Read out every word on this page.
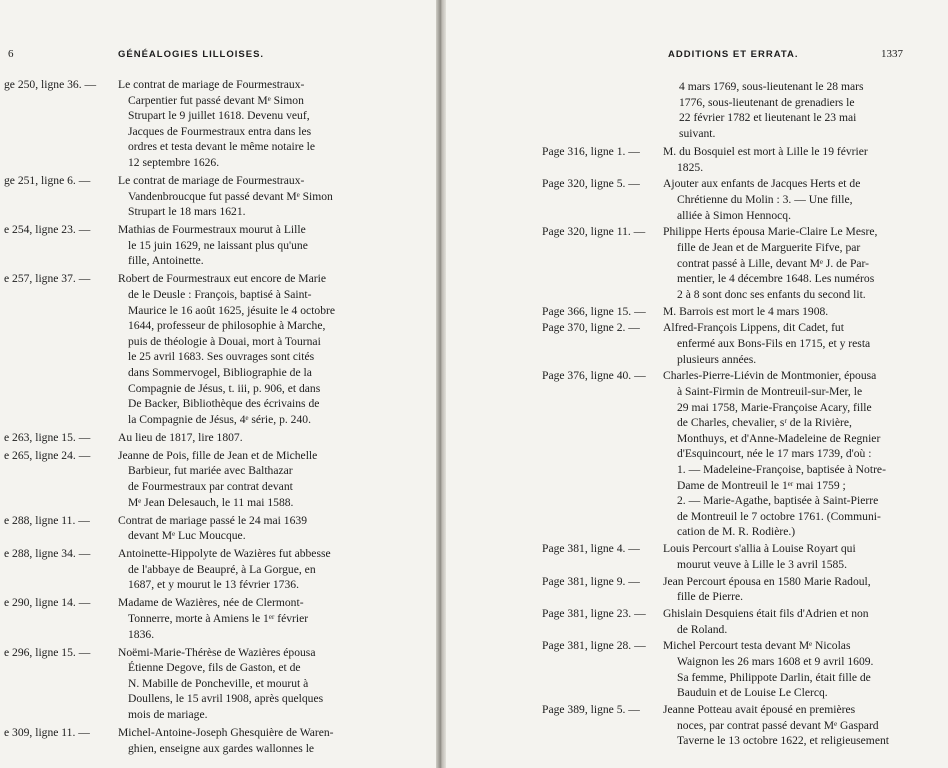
6	GÉNÉALOGIES LILLOISES.	ADDITIONS ET ERRATA.	1337
ge 250, ligne 36. — Le contrat de mariage de Fourmestraux-
Carpentier fut passé devant Mᵉ Simon
Strupart le 9 juillet 1618. Devenu veuf,
Jacques de Fourmestraux entra dans les
ordres et testa devant le même notaire le
12 septembre 1626.
ge 251, ligne 6. — Le contrat de mariage de Fourmestraux-
Vandenbroucque fut passé devant Mᵉ Simon
Strupart le 18 mars 1621.
e 254, ligne 23. — Mathias de Fourmestraux mourut à Lille
le 15 juin 1629, ne laissant plus qu'une
fille, Antoinette.
e 257, ligne 37. — Robert de Fourmestraux eut encore de Marie
de le Deusle : François, baptisé à Saint-
Maurice le 16 août 1625, jésuite le 4 octobre
1644, professeur de philosophie à Marche,
puis de théologie à Douai, mort à Tournai
le 25 avril 1683. Ses ouvrages sont cités
dans Sommervogel, Bibliographie de la
Compagnie de Jésus, t. iii, p. 906, et dans
De Backer, Bibliothèque des écrivains de
la Compagnie de Jésus, 4ᵉ série, p. 240.
e 263, ligne 15. — Au lieu de 1817, lire 1807.
e 265, ligne 24. — Jeanne de Pois, fille de Jean et de Michelle
Barbieur, fut mariée avec Balthazar
de Fourmestraux par contrat devant
Mᵉ Jean Delesauch, le 11 mai 1588.
e 288, ligne 11. — Contrat de mariage passé le 24 mai 1639
devant Mᵉ Luc Moucque.
e 288, ligne 34. — Antoinette-Hippolyte de Wazières fut abbesse
de l'abbaye de Beaupré, à La Gorgue, en
1687, et y mourut le 13 février 1736.
e 290, ligne 14. — Madame de Wazières, née de Clermont-
Tonnerre, morte à Amiens le 1ᵉʳ février
1836.
e 296, ligne 15. — Noëmi-Marie-Thérèse de Wazières épousa
Étienne Degove, fils de Gaston, et de
N. Mabille de Poncheville, et mourut à
Doullens, le 15 avril 1908, après quelques
mois de mariage.
e 309, ligne 11. — Michel-Antoine-Joseph Ghesquière de Waren-
ghien, enseigne aux gardes wallonnes le
4 mars 1769, sous-lieutenant le 28 mars
1776, sous-lieutenant de grenadiers le
22 février 1782 et lieutenant le 23 mai
suivant.
Page 316, ligne 1. — M. du Bosquiel est mort à Lille le 19 février
1825.
Page 320, ligne 5. — Ajouter aux enfants de Jacques Herts et de
Chrétienne du Molin : 3. — Une fille,
alliée à Simon Hennocq.
Page 320, ligne 11. — Philippe Herts épousa Marie-Claire Le Mesre,
fille de Jean et de Marguerite Fifve, par
contrat passé à Lille, devant Mᵉ J. de Par-
mentier, le 4 décembre 1648. Les numéros
2 à 8 sont donc ses enfants du second lit.
Page 366, ligne 15. — M. Barrois est mort le 4 mars 1908.
Page 370, ligne 2. — Alfred-François Lippens, dit Cadet, fut
enfermé aux Bons-Fils en 1715, et y resta
plusieurs années.
Page 376, ligne 40. — Charles-Pierre-Liévin de Montmonier, épousa
à Saint-Firmin de Montreuil-sur-Mer, le
29 mai 1758, Marie-Françoise Acary, fille
de Charles, chevalier, sʳ de la Rivière,
Monthuys, et d'Anne-Madeleine de Regnier
d'Esquincourt, née le 17 mars 1739, d'où :
1. — Madeleine-Françoise, baptisée à Notre-
Dame de Montreuil le 1ᵉʳ mai 1759 ;
2. — Marie-Agathe, baptisée à Saint-Pierre
de Montreuil le 7 octobre 1761. (Communi-
cation de M. R. Rodière.)
Page 381, ligne 4. — Louis Percourt s'allia à Louise Royart qui
mourut veuve à Lille le 3 avril 1585.
Page 381, ligne 9. — Jean Percourt épousa en 1580 Marie Radoul,
fille de Pierre.
Page 381, ligne 23. — Ghislain Desquiens était fils d'Adrien et non
de Roland.
Page 381, ligne 28. — Michel Percourt testa devant Mᵉ Nicolas
Waignon les 26 mars 1608 et 9 avril 1609.
Sa femme, Philippote Darlin, était fille de
Bauduin et de Louise Le Clercq.
Page 389, ligne 5. — Jeanne Potteau avait épousé en premières
noces, par contrat passé devant Mᵉ Gaspard
Taverne le 13 octobre 1622, et religieusement
